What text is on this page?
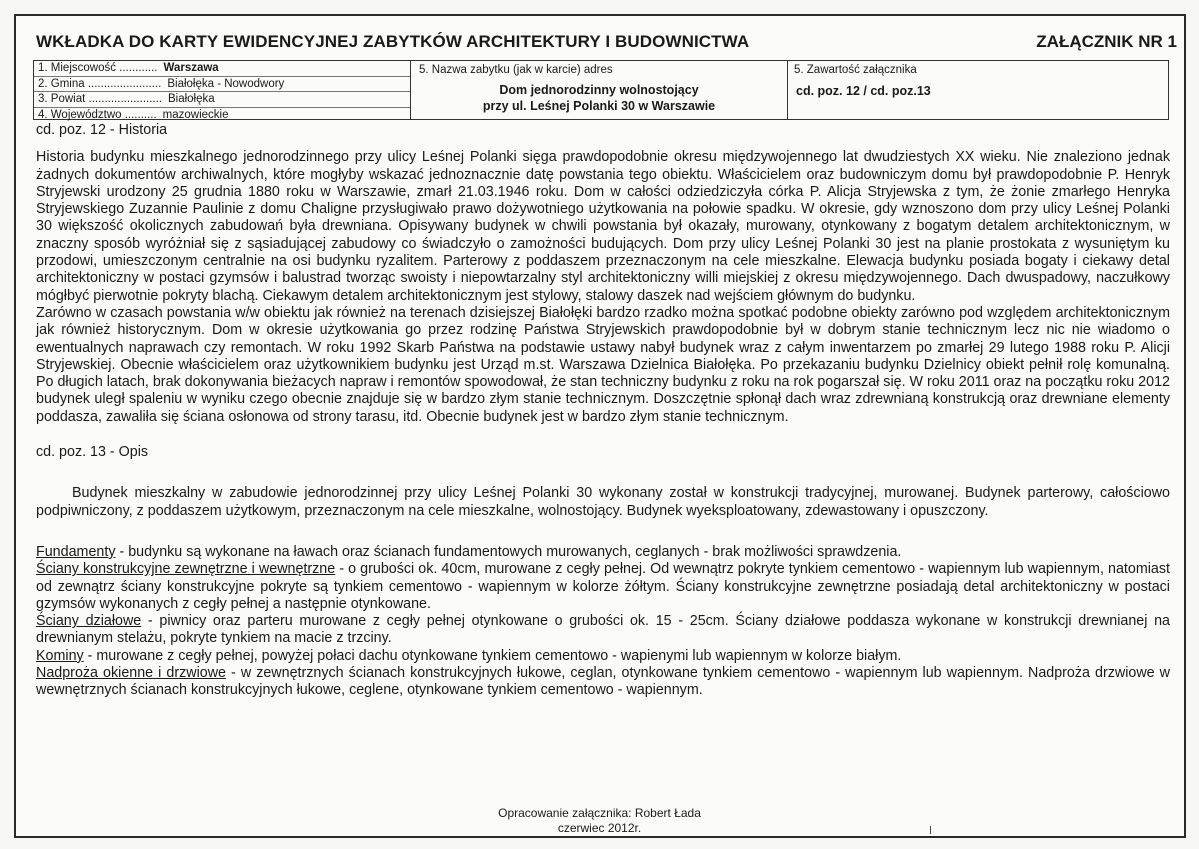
WKŁADKA DO KARTY EWIDENCYJNEJ ZABYTKÓW ARCHITEKTURY I BUDOWNICTWA	ZAŁĄCZNIK NR 1
1. Miejscowość ............ Warszawa
2. Gmina ....................... Białołęka - Nowodwory
3. Powiat ....................... Białołęka
4. Województwo .......... mazowieckie
5. Nazwa zabytku (jak w karcie) adres
Dom jednorodzinny wolnostojący
przy ul. Leśnej Polanki 30 w Warszawie
5. Zawartość załącznika
cd. poz. 12 / cd. poz.13

cd. poz. 12 - Historia

Historia budynku mieszkalnego jednorodzinnego przy ulicy Leśnej Polanki sięga prawdopodobnie okresu międzywojennego lat dwudziestych XX wieku. Nie znaleziono jednak żadnych dokumentów archiwalnych, które mogłyby wskazać jednoznacznie datę powstania tego obiektu. Właścicielem oraz budowniczym domu był prawdopodobnie P. Henryk Stryjewski urodzony 25 grudnia 1880 roku w Warszawie, zmarł 21.03.1946 roku. Dom w całości odziedziczyła córka P. Alicja Stryjewska z tym, że żonie zmarłego Henryka Stryjewskiego Zuzannie Paulinie z domu Chaligne przysługiwało prawo dożywotniego użytkowania na połowie spadku. W okresie, gdy wznoszono dom przy ulicy Leśnej Polanki 30 większość okolicznych zabudowań była drewniana. Opisywany budynek w chwili powstania był okazały, murowany, otynkowany z bogatym detalem architektonicznym, w znaczny sposób wyróżniał się z sąsiadującej zabudowy co świadczyło o zamożności budujących. Dom przy ulicy Leśnej Polanki 30 jest na planie prostokata z wysuniętym ku przodowi, umieszczonym centralnie na osi budynku ryzalitem. Parterowy z poddaszem przeznaczonym na cele mieszkalne. Elewacja budynku posiada bogaty i ciekawy detal architektoniczny w postaci gzymsów i balustrad tworząc swoisty i niepowtarzalny styl architektoniczny willi miejskiej z okresu międzywojennego. Dach dwuspadowy, naczułkowy mógłbyć pierwotnie pokryty blachą. Ciekawym detalem architektonicznym jest stylowy, stalowy daszek nad wejściem głównym do budynku.

Zarówno w czasach powstania w/w obiektu jak również na terenach dzisiejszej Białołęki bardzo rzadko można spotkać podobne obiekty zarówno pod względem architektonicznym jak również historycznym. Dom w okresie użytkowania go przez rodzinę Państwa Stryjewskich prawdopodobnie był w dobrym stanie technicznym lecz nic nie wiadomo o ewentualnych naprawach czy remontach. W roku 1992 Skarb Państwa na podstawie ustawy nabył budynek wraz z całym inwentarzem po zmarłej 29 lutego 1988 roku P. Alicji Stryjewskiej. Obecnie właścicielem oraz użytkownikiem budynku jest Urząd m.st. Warszawa Dzielnica Białołęka. Po przekazaniu budynku Dzielnicy obiekt pełnił rolę komunalną. Po długich latach, brak dokonywania bieżacych napraw i remontów spowodował, że stan techniczny budynku z roku na rok pogarszał się. W roku 2011 oraz na początku roku 2012 budynek uległ spaleniu w wyniku czego obecnie znajduje się w bardzo złym stanie technicznym. Doszczętnie spłonął dach wraz zdrewnianą konstrukcją oraz drewniane elementy poddasza, zawaliła się ściana osłonowa od strony tarasu, itd. Obecnie budynek jest w bardzo złym stanie technicznym.

cd. poz. 13 - Opis

Budynek mieszkalny w zabudowie jednorodzinnej przy ulicy Leśnej Polanki 30 wykonany został w konstrukcji tradycyjnej, murowanej. Budynek parterowy, całościowo podpiwniczony, z poddaszem użytkowym, przeznaczonym na cele mieszkalne, wolnostojący. Budynek wyeksploatowany, zdewastowany i opuszczony.

Fundamenty - budynku są wykonane na ławach oraz ścianach fundamentowych murowanych, ceglanych - brak możliwości sprawdzenia.

Ściany konstrukcyjne zewnętrzne i wewnętrzne - o grubości ok. 40cm, murowane z cegły pełnej. Od wewnątrz pokryte tynkiem cementowo - wapiennym lub wapiennym, natomiast od zewnątrz ściany konstrukcyjne pokryte są tynkiem cementowo - wapiennym w kolorze żółtym. Ściany konstrukcyjne zewnętrzne posiadają detal architektoniczny w postaci gzymsów wykonanych z cegły pełnej a następnie otynkowane.

Ściany działowe - piwnicy oraz parteru murowane z cegły pełnej otynkowane o grubości ok. 15 - 25cm. Ściany działowe poddasza wykonane w konstrukcji drewnianej na drewnianym stelażu, pokryte tynkiem na macie z trzciny.

Kominy - murowane z cegły pełnej, powyżej połaci dachu otynkowane tynkiem cementowo - wapienymi lub wapiennym w kolorze białym.

Nadproża okienne i drzwiowe - w zewnętrznych ścianach konstrukcyjnych łukowe, ceglan, otynkowane tynkiem cementowo - wapiennym lub wapiennym. Nadproża drzwiowe w wewnętrznych ścianach konstrukcyjnych łukowe, ceglene, otynkowane tynkiem cementowo - wapiennym.

Opracowanie załącznika: Robert Łada
czerwiec 2012r.
